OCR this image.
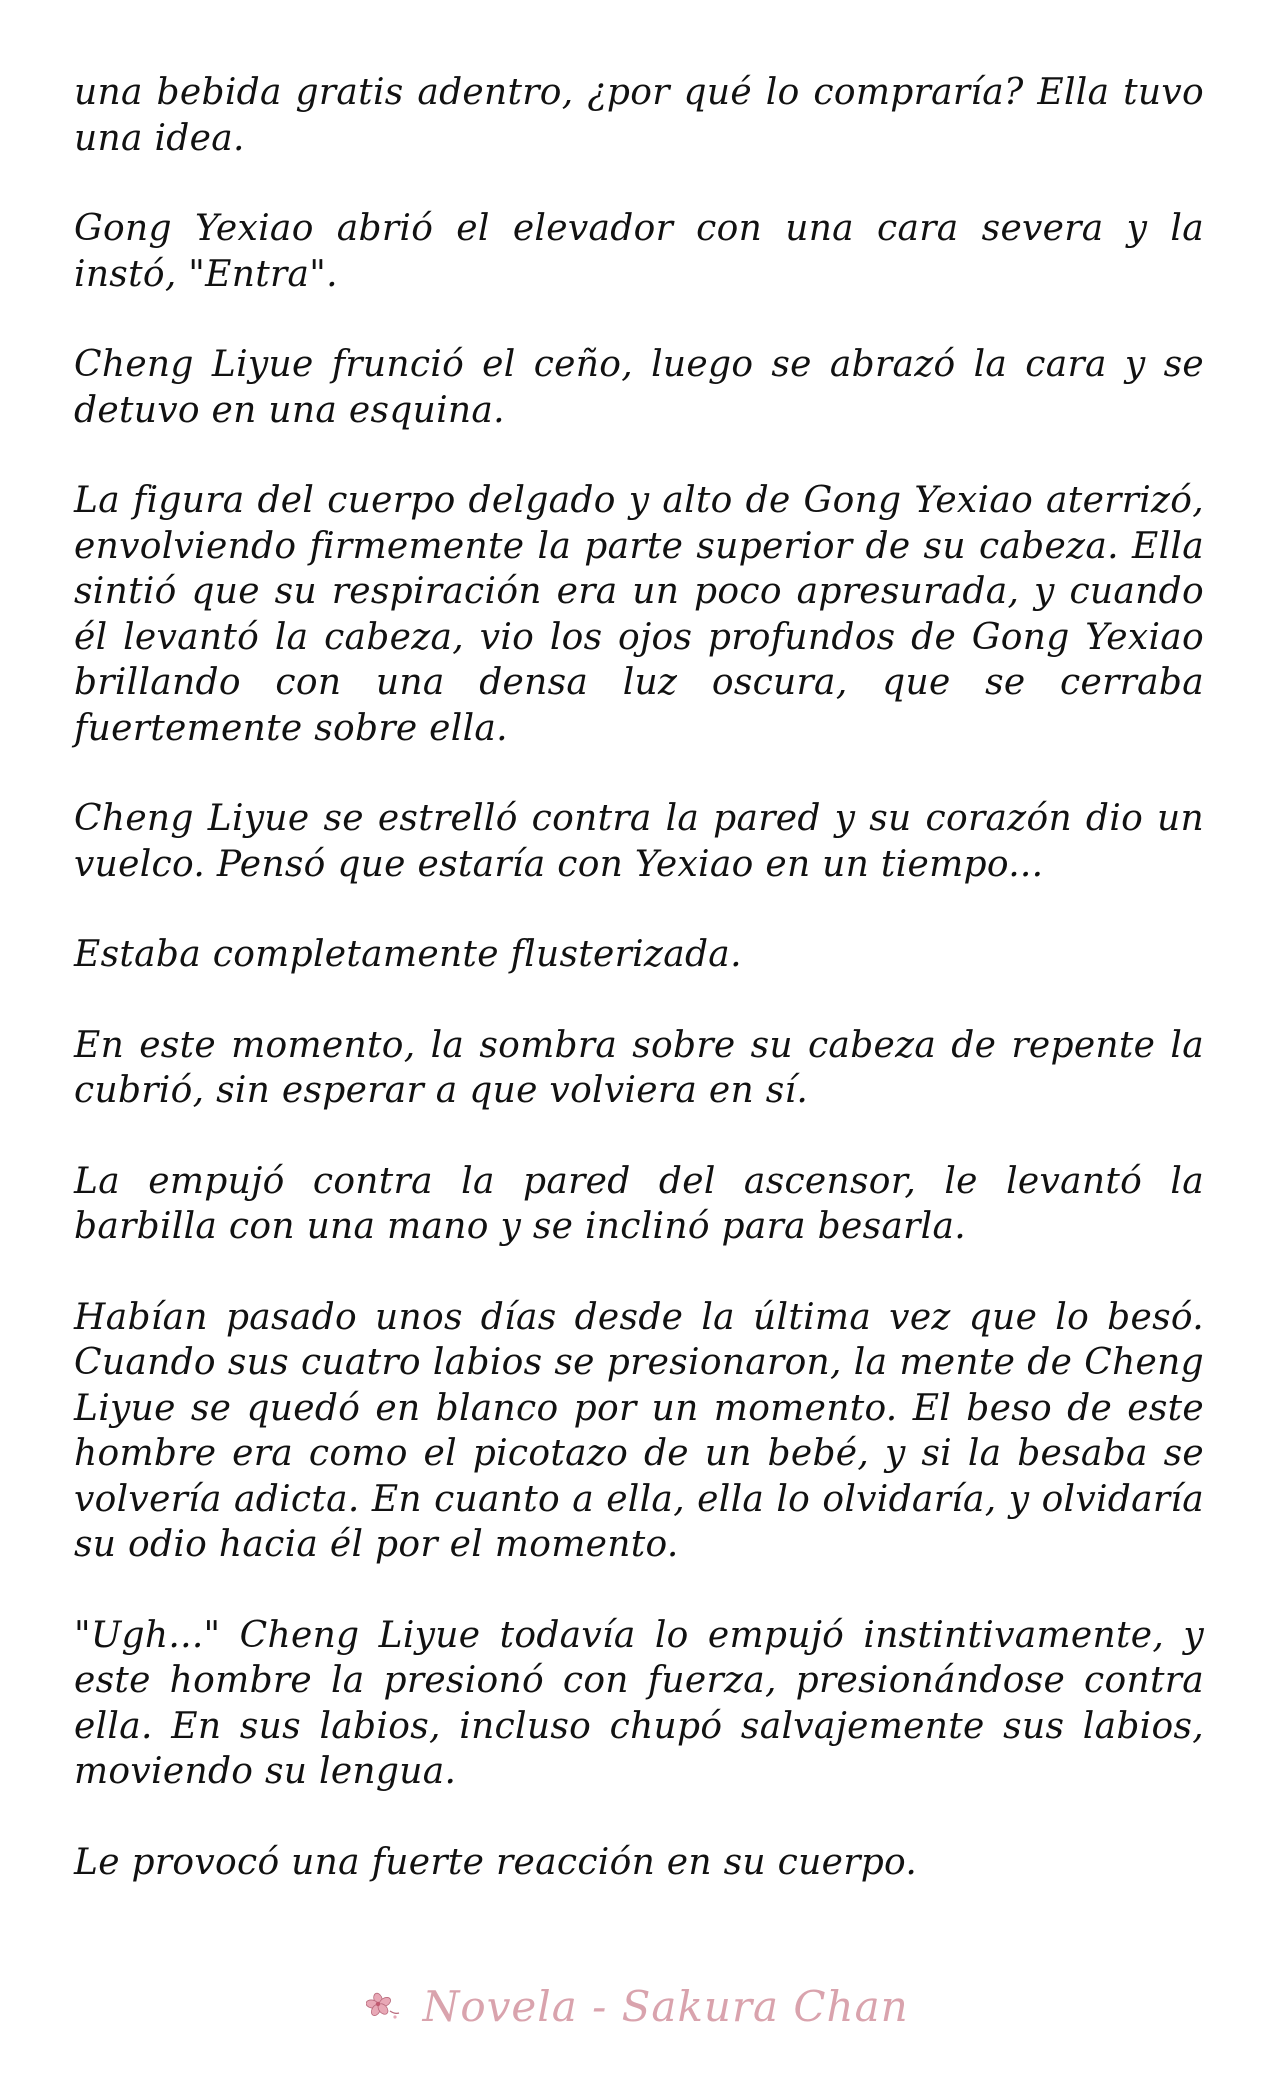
una bebida gratis adentro, ¿por qué lo compraría? Ella tuvo una idea.

Gong Yexiao abrió el elevador con una cara severa y la instó, "Entra".

Cheng Liyue frunció el ceño, luego se abrazó la cara y se detuvo en una esquina.

La figura del cuerpo delgado y alto de Gong Yexiao aterrizó, envolviendo firmemente la parte superior de su cabeza. Ella sintió que su respiración era un poco apresurada, y cuando él levantó la cabeza, vio los ojos profundos de Gong Yexiao brillando con una densa luz oscura, que se cerraba fuertemente sobre ella.

Cheng Liyue se estrelló contra la pared y su corazón dio un vuelco. Pensó que estaría con Yexiao en un tiempo...

Estaba completamente flusterizada.

En este momento, la sombra sobre su cabeza de repente la cubrió, sin esperar a que volviera en sí.

La empujó contra la pared del ascensor, le levantó la barbilla con una mano y se inclinó para besarla.

Habían pasado unos días desde la última vez que lo besó. Cuando sus cuatro labios se presionaron, la mente de Cheng Liyue se quedó en blanco por un momento. El beso de este hombre era como el picotazo de un bebé, y si la besaba se volvería adicta. En cuanto a ella, ella lo olvidaría, y olvidaría su odio hacia él por el momento.

"Ugh..." Cheng Liyue todavía lo empujó instintivamente, y este hombre la presionó con fuerza, presionándose contra ella. En sus labios, incluso chupó salvajemente sus labios, moviendo su lengua.

Le provocó una fuerte reacción en su cuerpo.

Novela - Sakura Chan
